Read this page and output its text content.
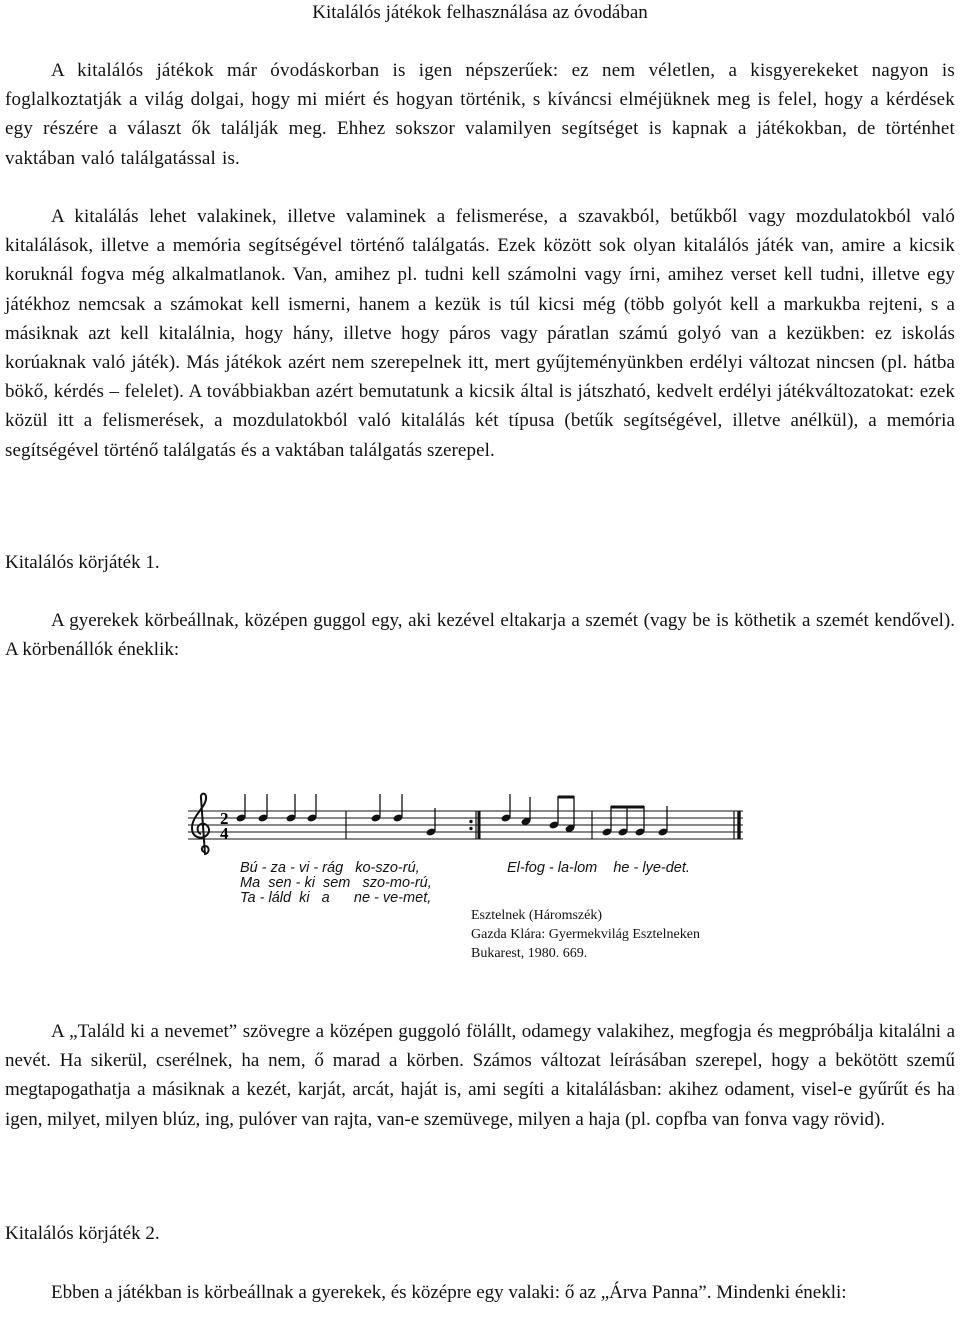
Kitalálós játékok felhasználása az óvodában

A kitalálós játékok már óvodáskorban is igen népszerűek: ez nem véletlen, a kisgyerekeket nagyon is foglalkoztatják a világ dolgai, hogy mi miért és hogyan történik, s kíváncsi elméjüknek meg is felel, hogy a kérdések egy részére a választ ők találják meg. Ehhez sokszor valamilyen segítséget is kapnak a játékokban, de történhet vaktában való találgatással is.

A kitalálás lehet valakinek, illetve valaminek a felismerése, a szavakból, betűkből vagy mozdulatokból való kitalálások, illetve a memória segítségével történő találgatás. Ezek között sok olyan kitalálós játék van, amire a kicsik koruknál fogva még alkalmatlanok. Van, amihez pl. tudni kell számolni vagy írni, amihez verset kell tudni, illetve egy játékhoz nemcsak a számokat kell ismerni, hanem a kezük is túl kicsi még (több golyót kell a markukba rejteni, s a másiknak azt kell kitalálnia, hogy hány, illetve hogy páros vagy páratlan számú golyó van a kezükben: ez iskolás korúaknak való játék). Más játékok azért nem szerepelnek itt, mert gyűjteményünkben erdélyi változat nincsen (pl. hátba bökő, kérdés – felelet). A továbbiakban azért bemutatunk a kicsik által is játszható, kedvelt erdélyi játékváltozatokat: ezek közül itt a felismerések, a mozdulatokból való kitalálás két típusa (betűk segítségével, illetve anélkül), a memória segítségével történő találgatás és a vaktában találgatás szerepel.

Kitalálós körjáték 1.

A gyerekek körbeállnak, középen guggol egy, aki kezével eltakarja a szemét (vagy be is köthetik a szemét kendővel). A körbenállók éneklik:

2
4
Bú - za - vi - rág   ko-szo-rú,
Ma  sen - ki  sem   szo-mo-rú,
Ta - láld  ki   a      ne - ve-met,
El-fog - la-lom    he - lye-det.
Esztelnek (Háromszék)
Gazda Klára: Gyermekvilág Esztelneken
Bukarest, 1980. 669.

A „Találd ki a nevemet” szövegre a középen guggoló fölállt, odamegy valakihez, megfogja és megpróbálja kitalálni a nevét. Ha sikerül, cserélnek, ha nem, ő marad a körben. Számos változat leírásában szerepel, hogy a bekötött szemű megtapogathatja a másiknak a kezét, karját, arcát, haját is, ami segíti a kitalálásban: akihez odament, visel-e gyűrűt és ha igen, milyet, milyen blúz, ing, pulóver van rajta, van-e szemüvege, milyen a haja (pl. copfba van fonva vagy rövid).

Kitalálós körjáték 2.

Ebben a játékban is körbeállnak a gyerekek, és középre egy valaki: ő az „Árva Panna”. Mindenki énekli:
